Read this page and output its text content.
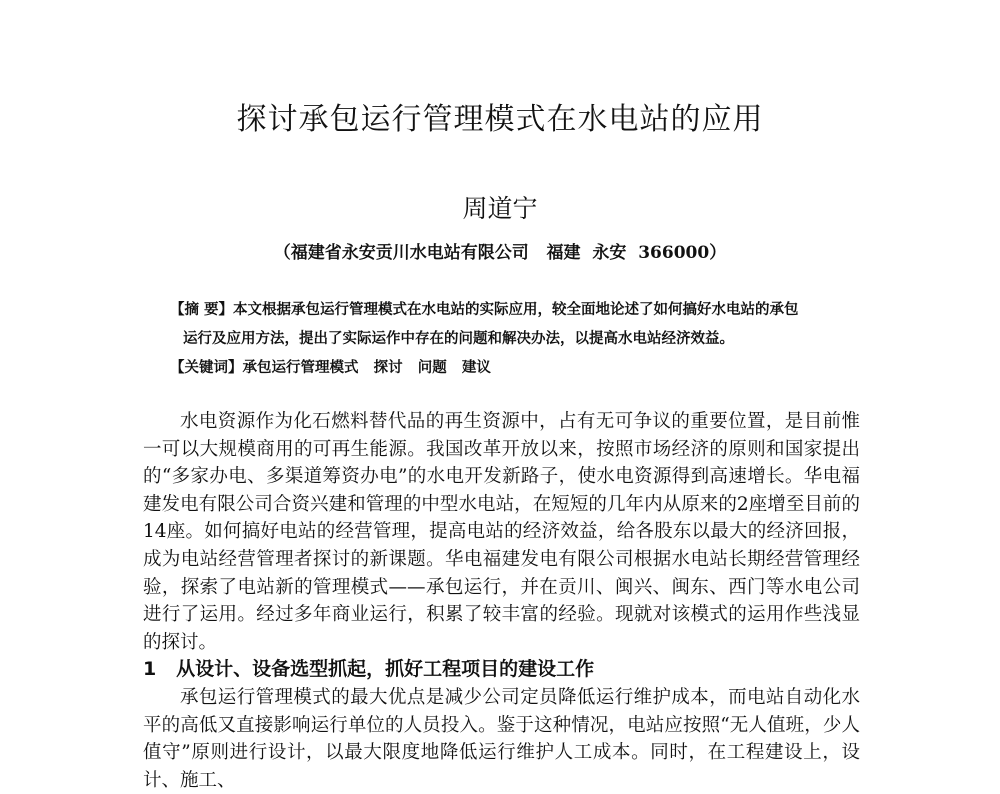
探讨承包运行管理模式在水电站的应用
周道宁
（福建省永安贡川水电站有限公司   福建  永安  366000）
【摘 要】本文根据承包运行管理模式在水电站的实际应用，较全面地论述了如何搞好水电站的承包
运行及应用方法，提出了实际运作中存在的问题和解决办法，以提高水电站经济效益。
【关键词】承包运行管理模式   探讨   问题   建议

水电资源作为化石燃料替代品的再生资源中，占有无可争议的重要位置，是目前惟一可以大规模商用的可再生能源。我国改革开放以来，按照市场经济的原则和国家提出的“多家办电、多渠道筹资办电”的水电开发新路子，使水电资源得到高速增长。华电福建发电有限公司合资兴建和管理的中型水电站，在短短的几年内从原来的2座增至目前的14座。如何搞好电站的经营管理，提高电站的经济效益，给各股东以最大的经济回报，成为电站经营管理者探讨的新课题。华电福建发电有限公司根据水电站长期经营管理经验，探索了电站新的管理模式——承包运行，并在贡川、闽兴、闽东、西门等水电公司进行了运用。经过多年商业运行，积累了较丰富的经验。现就对该模式的运用作些浅显的探讨。

1   从设计、设备选型抓起，抓好工程项目的建设工作

承包运行管理模式的最大优点是减少公司定员降低运行维护成本，而电站自动化水平的高低又直接影响运行单位的人员投入。鉴于这种情况，电站应按照“无人值班，少人值守”原则进行设计，以最大限度地降低运行维护人工成本。同时，在工程建设上，设计、施工、
